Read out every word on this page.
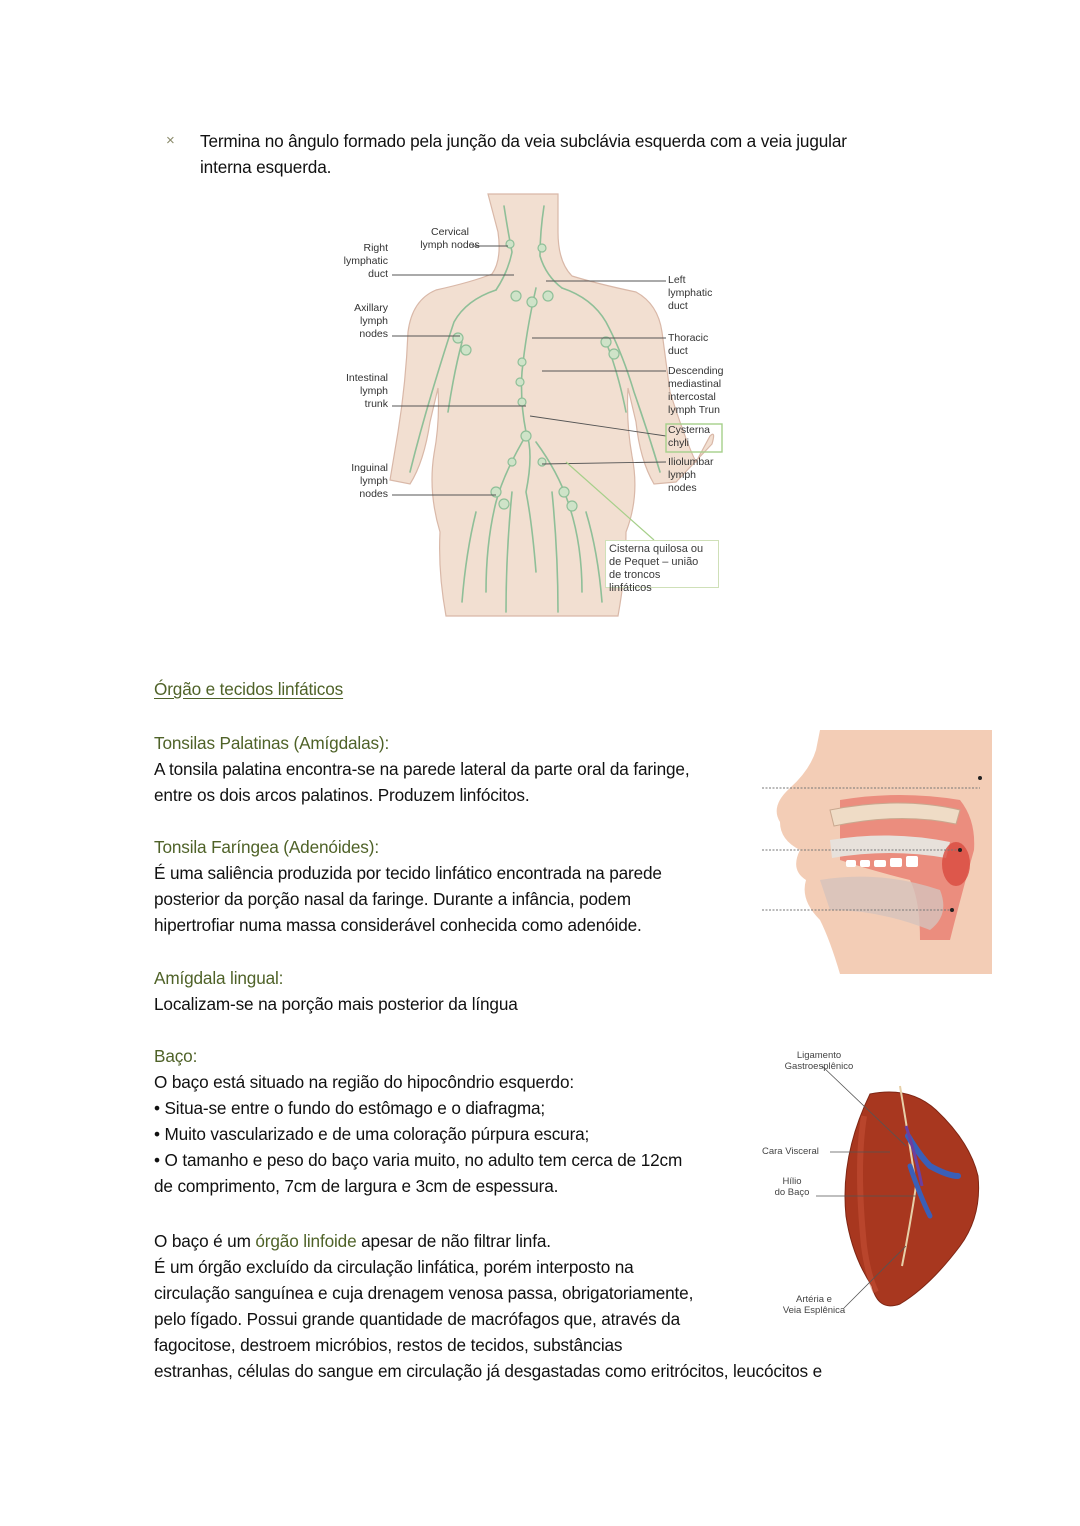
× Termina no ângulo formado pela junção da veia subclávia esquerda com a veia jugular
interna esquerda.
Right
lymphatic
duct
Axillary
lymph
nodes
Intestinal
lymph
trunk
Inguinal
lymph
nodes
Cervical
lymph nodes
Left
lymphatic
duct
Thoracic
duct
Descending
mediastinal
intercostal
lymph Trun
Cysterna
chyli
Iliolumbar
lymph
nodes
Cisterna quilosa ou
de Pequet – união
de troncos
linfáticos
Órgão e tecidos linfáticos
Tonsilas Palatinas (Amígdalas):
A tonsila palatina encontra-se na parede lateral da parte oral da faringe,
entre os dois arcos palatinos. Produzem linfócitos.
Tonsila Faríngea (Adenóides):
É uma saliência produzida por tecido linfático encontrada na parede
posterior da porção nasal da faringe. Durante a infância, podem
hipertrofiar numa massa considerável conhecida como adenóide.
Amígdala lingual:
Localizam-se na porção mais posterior da língua
Baço:
O baço está situado na região do hipocôndrio esquerdo:
• Situa-se entre o fundo do estômago e o diafragma;
• Muito vascularizado e de uma coloração púrpura escura;
• O tamanho e peso do baço varia muito, no adulto tem cerca de 12cm
de comprimento, 7cm de largura e 3cm de espessura.
O baço é um órgão linfoide apesar de não filtrar linfa.
É um órgão excluído da circulação linfática, porém interposto na
circulação sanguínea e cuja drenagem venosa passa, obrigatoriamente,
pelo fígado. Possui grande quantidade de macrófagos que, através da
fagocitose, destroem micróbios, restos de tecidos, substâncias
estranhas, células do sangue em circulação já desgastadas como eritrócitos, leucócitos e
Ligamento
Gastroesplênico
Cara Visceral
Hílio
do Baço
Artéria e
Veia Esplênica
